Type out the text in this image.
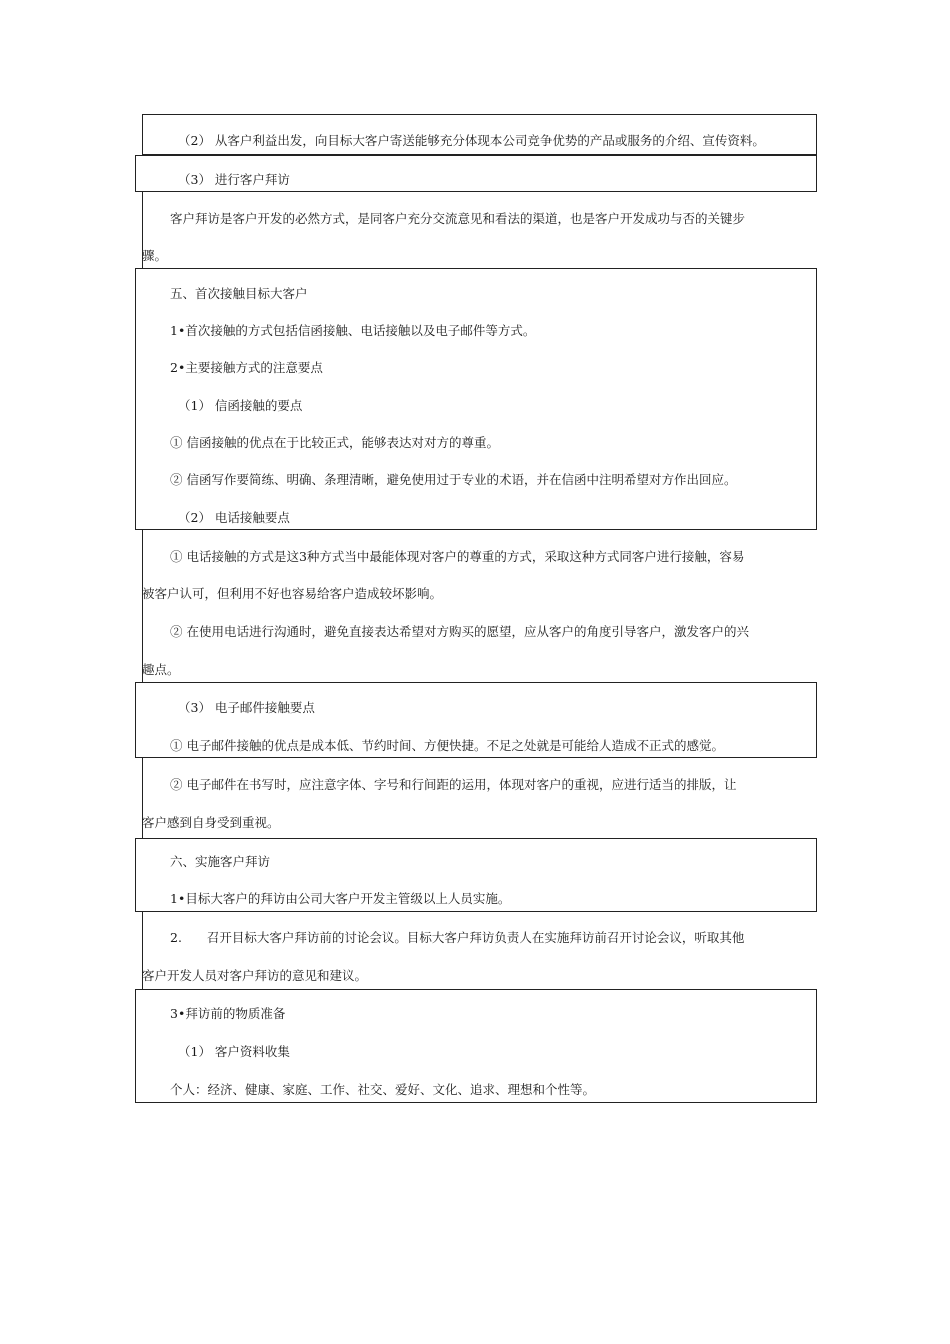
（2） 从客户利益出发，向目标大客户寄送能够充分体现本公司竞争优势的产品或服务的介绍、宣传资料。
（3） 进行客户拜访
客户拜访是客户开发的必然方式，是同客户充分交流意见和看法的渠道，也是客户开发成功与否的关键步
骤。
五、首次接触目标大客户
1•首次接触的方式包括信函接触、电话接触以及电子邮件等方式。
2•主要接触方式的注意要点
（1） 信函接触的要点
① 信函接触的优点在于比较正式，能够表达对对方的尊重。
② 信函写作要简练、明确、条理清晰，避免使用过于专业的术语，并在信函中注明希望对方作出回应。
（2） 电话接触要点
① 电话接触的方式是这3种方式当中最能体现对客户的尊重的方式，采取这种方式同客户进行接触，容易
被客户认可，但利用不好也容易给客户造成较坏影响。
② 在使用电话进行沟通时，避免直接表达希望对方购买的愿望，应从客户的角度引导客户，激发客户的兴
趣点。
（3） 电子邮件接触要点
① 电子邮件接触的优点是成本低、节约时间、方便快捷。不足之处就是可能给人造成不正式的感觉。
② 电子邮件在书写时，应注意字体、字号和行间距的运用，体现对客户的重视，应进行适当的排版，让
客户感到自身受到重视。
六、实施客户拜访
1•目标大客户的拜访由公司大客户开发主管级以上人员实施。
2.　　召开目标大客户拜访前的讨论会议。目标大客户拜访负责人在实施拜访前召开讨论会议，听取其他
客户开发人员对客户拜访的意见和建议。
3•拜访前的物质准备
（1） 客户资料收集
个人：经济、健康、家庭、工作、社交、爱好、文化、追求、理想和个性等。
